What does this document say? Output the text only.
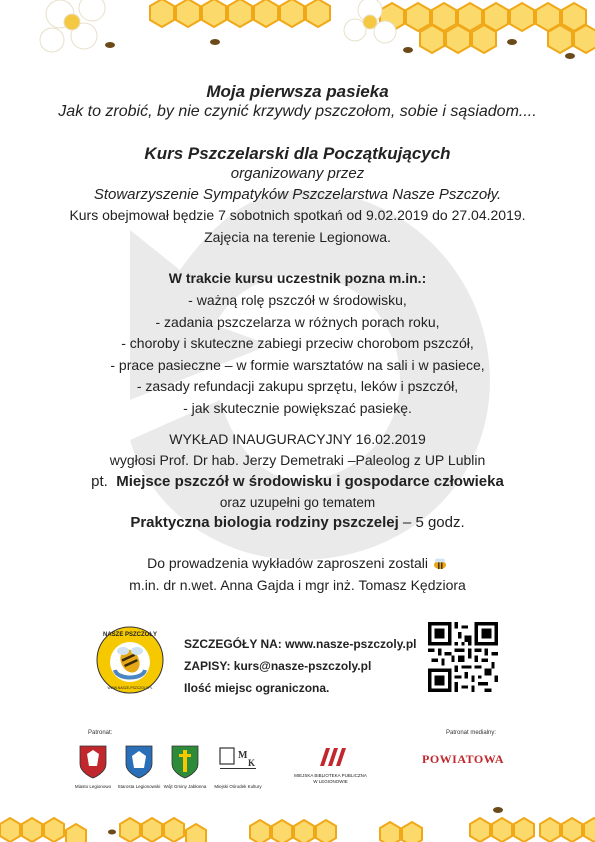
Moja pierwsza pasieka
Jak to zrobić, by nie czynić krzywdy pszczołom, sobie i sąsiadom....
Kurs Pszczelarski dla Początkujących
organizowany przez
Stowarzyszenie Sympatyków Pszczelarstwa Nasze Pszczoły.
Kurs obejmował będzie 7 sobotnich spotkań od 9.02.2019 do 27.04.2019.
Zajęcia na terenie Legionowa.
W trakcie kursu uczestnik pozna m.in.:
- ważną rolę pszczół w środowisku,
- zadania pszczelarza w różnych porach roku,
- choroby i skuteczne zabiegi przeciw chorobom pszczół,
- prace pasieczne – w formie warsztatów na sali i w pasiece,
- zasady refundacji zakupu sprzętu, leków i pszczół,
- jak skutecznie powiększać pasiekę.
WYKŁAD INAUGURACYJNY 16.02.2019
wygłosi Prof. Dr hab. Jerzy Demetraki –Paleolog z UP Lublin
pt. Miejsce pszczół w środowisku i gospodarce człowieka
oraz uzupełni go tematem
Praktyczna biologia rodziny pszczelej – 5 godz.
Do prowadzenia wykładów zaproszeni zostali
m.in. dr n.wet. Anna Gajda i mgr inż. Tomasz Kędziora
NASZE PSZCZOŁY
WWW.NASZE-PSZCZOLY.PL
SZCZEGÓŁY NA: www.nasze-pszczoly.pl
ZAPISY: kurs@nasze-pszczoly.pl
Ilość miejsc ograniczona.
Patronat:	Patronat medialny:
Miasto Legionowo	Starosta Legionowski Wójt Gminy Jabłonna
M
K
Miejski Ośrodek Kultury
MIEJSKA BIBLIOTEKA PUBLICZNA
W LEGIONOWIE
POWIATOWA
